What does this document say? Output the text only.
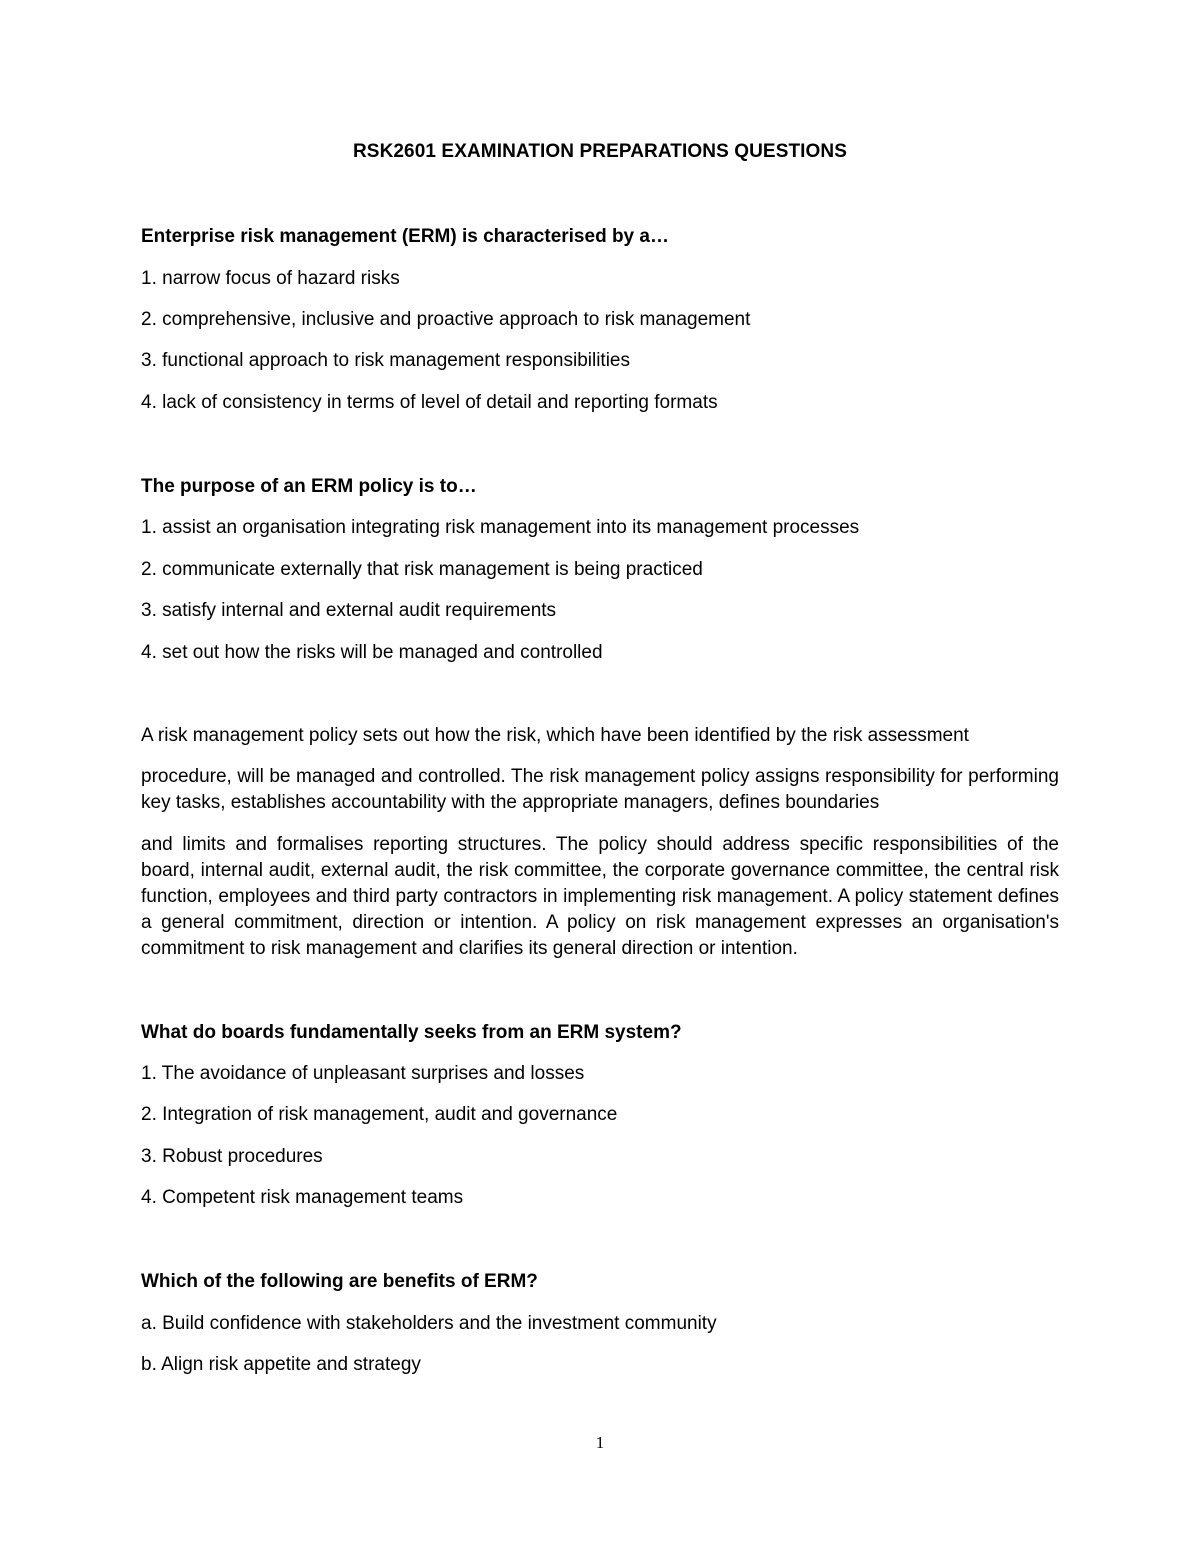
RSK2601 EXAMINATION PREPARATIONS QUESTIONS
Enterprise risk management (ERM) is characterised by a…
1. narrow focus of hazard risks
2. comprehensive, inclusive and proactive approach to risk management
3. functional approach to risk management responsibilities
4. lack of consistency in terms of level of detail and reporting formats
The purpose of an ERM policy is to…
1. assist an organisation integrating risk management into its management processes
2. communicate externally that risk management is being practiced
3. satisfy internal and external audit requirements
4. set out how the risks will be managed and controlled
A risk management policy sets out how the risk, which have been identified by the risk assessment
procedure, will be managed and controlled. The risk management policy assigns responsibility for performing key tasks, establishes accountability with the appropriate managers, defines boundaries
and limits and formalises reporting structures. The policy should address specific responsibilities of the board, internal audit, external audit, the risk committee, the corporate governance committee, the central risk function, employees and third party contractors in implementing risk management. A policy statement defines a general commitment, direction or intention. A policy on risk management expresses an organisation's commitment to risk management and clarifies its general direction or intention.
What do boards fundamentally seeks from an ERM system?
1. The avoidance of unpleasant surprises and losses
2. Integration of risk management, audit and governance
3. Robust procedures
4. Competent risk management teams
Which of the following are benefits of ERM?
a. Build confidence with stakeholders and the investment community
b. Align risk appetite and strategy
1
